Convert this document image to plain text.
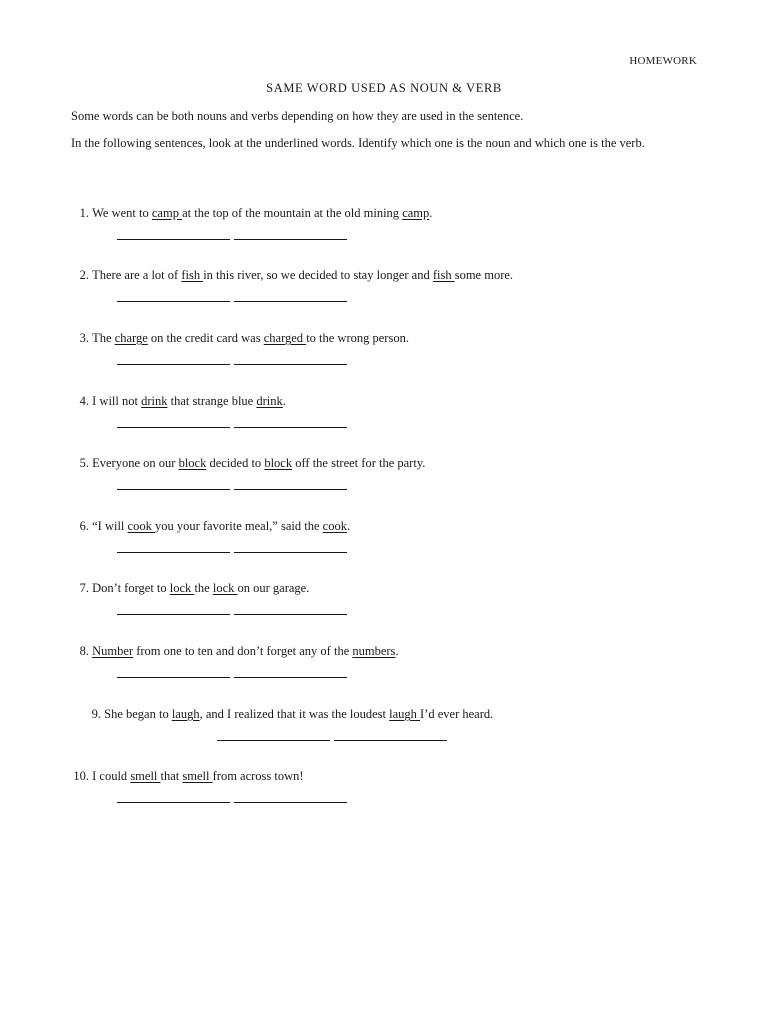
HOMEWORK
SAME WORD USED AS NOUN & VERB
Some words can be both nouns and verbs depending on how they are used in the sentence.
In the following sentences, look at the underlined words. Identify which one is the noun and which one is the verb.
1. We went to camp at the top of the mountain at the old mining camp.
2. There are a lot of fish in this river, so we decided to stay longer and fish some more.
3. The charge on the credit card was charged to the wrong person.
4. I will not drink that strange blue drink.
5. Everyone on our block decided to block off the street for the party.
6. “I will cook you your favorite meal,” said the cook.
7. Don’t forget to lock the lock on our garage.
8. Number from one to ten and don’t forget any of the numbers.
9. She began to laugh, and I realized that it was the loudest laugh I’d ever heard.
10. I could smell that smell from across town!
